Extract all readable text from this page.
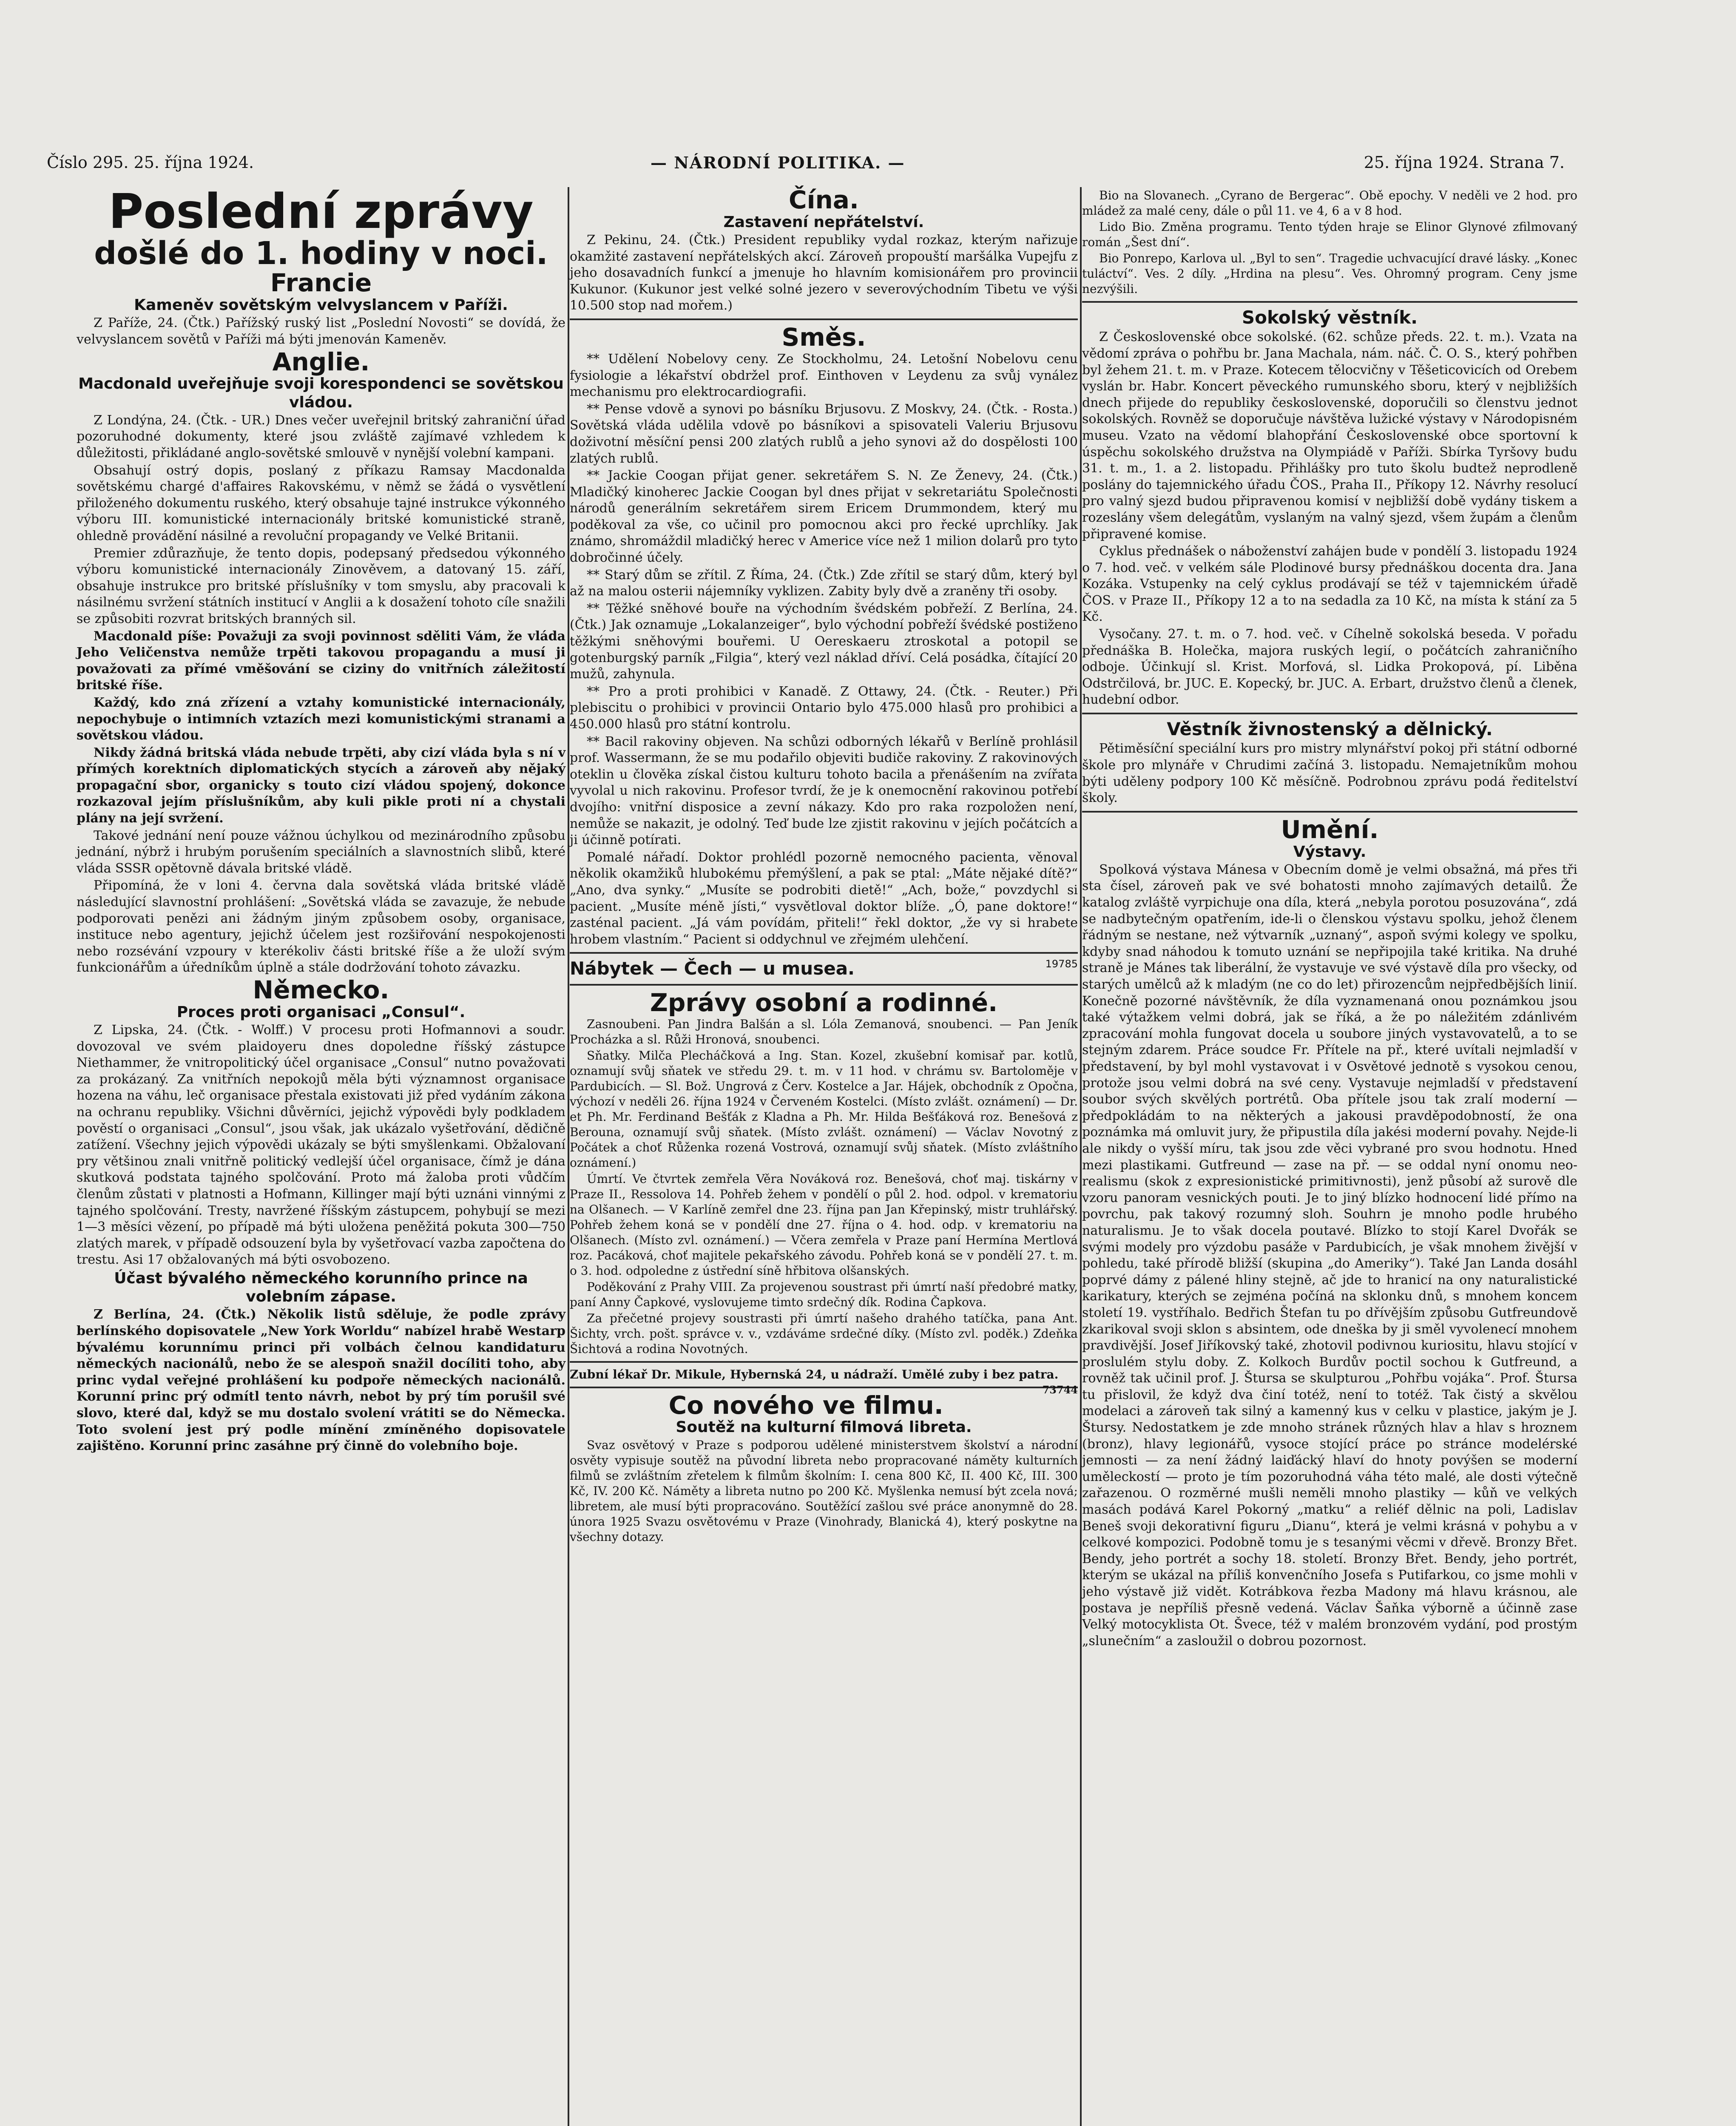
Číslo 295. 25. října 1924.	— NÁRODNÍ POLITIKA. —	25. října 1924. Strana 7.
Poslední zprávy
došlé do 1. hodiny v noci.
Francie
Kameněv sovětským velvyslancem v Paříži.

Z Paříže, 24. (Čtk.) Pařížský ruský list „Poslední Novosti“ se dovídá, že velvyslancem sovětů v Paříži má býti jmenován Kameněv.

Anglie.
Macdonald uveřejňuje svoji korespondenci se sovětskou vládou.

Z Londýna, 24. (Čtk. - UR.) Dnes večer uveřejnil britský zahraniční úřad pozoruhodné dokumenty, které jsou zvláště zajímavé vzhledem k důležitosti, přikládané anglo-sovětské smlouvě v nynější volební kampani.

Obsahují ostrý dopis, poslaný z příkazu Ramsay Macdonalda sovětskému chargé d'affaires Rakovskému, v němž se žádá o vysvětlení přiloženého dokumentu ruského, který obsahuje tajné instrukce výkonného výboru III. komunistické internacionály britské komunistické straně, ohledně provádění násilné a revoluční propagandy ve Velké Britanii.

Premier zdůrazňuje, že tento dopis, podepsaný předsedou výkonného výboru komunistické internacionály Zinověvem, a datovaný 15. září, obsahuje instrukce pro britské příslušníky v tom smyslu, aby pracovali k násilnému svržení státních institucí v Anglii a k dosažení tohoto cíle snažili se způsobiti rozvrat britských branných sil.

Macdonald píše: Považuji za svoji povinnost sděliti Vám, že vláda Jeho Veličenstva nemůže trpěti takovou propagandu a musí ji považovati za přímé vměšování se ciziny do vnitřních záležitostí britské říše.

Každý, kdo zná zřízení a vztahy komunistické internacionály, nepochybuje o intimních vztazích mezi komunistickými stranami a sovětskou vládou.

Nikdy žádná britská vláda nebude trpěti, aby cizí vláda byla s ní v přímých korektních diplomatických stycích a zároveň aby nějaký propagační sbor, organicky s touto cizí vládou spojený, dokonce rozkazoval jejím příslušníkům, aby kuli pikle proti ní a chystali plány na její svržení.

Takové jednání není pouze vážnou úchylkou od mezinárodního způsobu jednání, nýbrž i hrubým porušením speciálních a slavnostních slibů, které vláda SSSR opětovně dávala britské vládě.

Připomíná, že v loni 4. června dala sovětská vláda britské vládě následující slavnostní prohlášení: „Sovětská vláda se zavazuje, že nebude podporovati penězi ani žádným jiným způsobem osoby, organisace, instituce nebo agentury, jejichž účelem jest rozšiřování nespokojenosti nebo rozsévání vzpoury v kterékoliv části britské říše a že uloží svým funkcionářům a úředníkům úplně a stále dodržování tohoto závazku.

Německo.
Proces proti organisaci „Consul“.

Z Lipska, 24. (Čtk. - Wolff.) V procesu proti Hofmannovi a soudr. dovozoval ve svém plaidoyeru dnes dopoledne říšský zástupce Niethammer, že vnitropolitický účel organisace „Consul“ nutno považovati za prokázaný. Za vnitřních nepokojů měla býti významnost organisace hozena na váhu, leč organisace přestala existovati již před vydáním zákona na ochranu republiky. Všichni důvěrníci, jejichž výpovědi byly podkladem pověstí o organisaci „Consul“, jsou však, jak ukázalo vyšetřování, dědičně zatížení. Všechny jejich výpovědi ukázaly se býti smyšlenkami. Obžalovaní pry většinou znali vnitřně politický vedlejší účel organisace, čímž je dána skutková podstata tajného spolčování. Proto má žaloba proti vůdčím členům zůstati v platnosti a Hofmann, Killinger mají býti uznáni vinnými z tajného spolčování. Tresty, navržené říšským zástupcem, pohybují se mezi 1—3 měsíci vězení, po případě má býti uložena peněžitá pokuta 300—750 zlatých marek, v případě odsouzení byla by vyšetřovací vazba započtena do trestu. Asi 17 obžalovaných má býti osvobozeno.

Účast bývalého německého korunního prince na volebním zápase.

Z Berlína, 24. (Čtk.) Několik listů sděluje, že podle zprávy berlínského dopisovatele „New York Worldu“ nabízel hrabě Westarp bývalému korunnímu princi při volbách čelnou kandidaturu německých nacionálů, nebo že se alespoň snažil docíliti toho, aby princ vydal veřejné prohlášení ku podpoře německých nacionálů. Korunní princ prý odmítl tento návrh, nebot by prý tím porušil své slovo, které dal, když se mu dostalo svolení vrátiti se do Německa. Toto svolení jest prý podle mínění zmíněného dopisovatele zajištěno. Korunní princ zasáhne prý činně do volebního boje.

Čína.
Zastavení nepřátelství.

Z Pekinu, 24. (Čtk.) President republiky vydal rozkaz, kterým nařizuje okamžité zastavení nepřátelských akcí. Zároveň propouští maršálka Vupejfu z jeho dosavadních funkcí a jmenuje ho hlavním komisionářem pro provincii Kukunor. (Kukunor jest velké solné jezero v severovýchodním Tibetu ve výši 10.500 stop nad mořem.)

Směs.

** Udělení Nobelovy ceny. Ze Stockholmu, 24. Letošní Nobelovu cenu fysiologie a lékařství obdržel prof. Einthoven v Leydenu za svůj vynález mechanismu pro elektrocardiografii.

** Pense vdově a synovi po básníku Brjusovu. Z Moskvy, 24. (Čtk. - Rosta.) Sovětská vláda udělila vdově po básníkovi a spisovateli Valeriu Brjusovu doživotní měsíční pensi 200 zlatých rublů a jeho synovi až do dospělosti 100 zlatých rublů.

** Jackie Coogan přijat gener. sekretářem S. N. Ze Ženevy, 24. (Čtk.) Mladičký kinoherec Jackie Coogan byl dnes přijat v sekretariátu Společnosti národů generálním sekretářem sirem Ericem Drummondem, který mu poděkoval za vše, co učinil pro pomocnou akci pro řecké uprchlíky. Jak známo, shromáždil mladičký herec v Americe více než 1 milion dolarů pro tyto dobročinné účely.

** Starý dům se zřítil. Z Říma, 24. (Čtk.) Zde zřítil se starý dům, který byl až na malou osterii nájemníky vyklizen. Zabity byly dvě a zraněny tři osoby.

** Těžké sněhové bouře na východním švédském pobřeží. Z Berlína, 24. (Čtk.) Jak oznamuje „Lokalanzeiger“, bylo východní pobřeží švédské postiženo těžkými sněhovými bouřemi. U Oereskaeru ztroskotal a potopil se gotenburgský parník „Filgia“, který vezl náklad dříví. Celá posádka, čítající 20 mužů, zahynula.

** Pro a proti prohibici v Kanadě. Z Ottawy, 24. (Čtk. - Reuter.) Při plebiscitu o prohibici v provincii Ontario bylo 475.000 hlasů pro prohibici a 450.000 hlasů pro státní kontrolu.

** Bacil rakoviny objeven. Na schůzi odborných lékařů v Berlíně prohlásil prof. Wassermann, že se mu podařilo objeviti budiče rakoviny. Z rakovinových oteklin u člověka získal čistou kulturu tohoto bacila a přenášením na zvířata vyvolal u nich rakovinu. Profesor tvrdí, že je k onemocnění rakovinou potřebí dvojího: vnitřní disposice a zevní nákazy. Kdo pro raka rozpoložen není, nemůže se nakazit, je odolný. Teď bude lze zjistit rakovinu v jejích počátcích a ji účinně potírati.

Pomalé nářadí. Doktor prohlédl pozorně nemocného pacienta, věnoval několik okamžiků hlubokému přemýšlení, a pak se ptal: „Máte nějaké dítě?“ „Ano, dva synky.“ „Musíte se podrobiti dietě!“ „Ach, bože,“ povzdychl si pacient. „Musíte méně jísti,“ vysvětloval doktor blíže. „Ó, pane doktore!“ zasténal pacient. „Já vám povídám, přiteli!“ řekl doktor, „že vy si hrabete hrobem vlastním.“ Pacient si oddychnul ve zřejmém ulehčení.

Nábytek — Čech — u musea.	19785
Zprávy osobní a rodinné.

Zasnoubeni. Pan Jindra Balšán a sl. Lóla Zemanová, snoubenci. — Pan Jeník Procházka a sl. Růži Hronová, snoubenci.

Sňatky. Milča Plecháčková a Ing. Stan. Kozel, zkušební komisař par. kotlů, oznamují svůj sňatek ve středu 29. t. m. v 11 hod. v chrámu sv. Bartoloměje v Pardubicích. — Sl. Bož. Ungrová z Červ. Kostelce a Jar. Hájek, obchodník z Opočna, výchozí v neděli 26. října 1924 v Červeném Kostelci. (Místo zvlášt. oznámení) — Dr. et Ph. Mr. Ferdinand Bešťák z Kladna a Ph. Mr. Hilda Bešťáková roz. Benešová z Berouna, oznamují svůj sňatek. (Místo zvlášt. oznámení) — Václav Novotný z Počátek a choť Růženka rozená Vostrová, oznamují svůj sňatek. (Místo zvláštního oznámení.)

Úmrtí. Ve čtvrtek zemřela Věra Nováková roz. Benešová, choť maj. tiskárny v Praze II., Ressolova 14. Pohřeb žehem v pondělí o půl 2. hod. odpol. v krematoriu na Olšanech. — V Karlíně zemřel dne 23. října pan Jan Křepinský, mistr truhlářský. Pohřeb žehem koná se v pondělí dne 27. října o 4. hod. odp. v krematoriu na Olšanech. (Místo zvl. oznámení.) — Včera zemřela v Praze paní Hermína Mertlová roz. Pacáková, choť majitele pekařského závodu. Pohřeb koná se v pondělí 27. t. m. o 3. hod. odpoledne z ústřední síně hřbitova olšanských.

Poděkování z Prahy VIII. Za projevenou soustrast při úmrtí naší předobré matky, paní Anny Čapkové, vyslovujeme timto srdečný dík. Rodina Čapkova.

Za přečetné projevy soustrasti při úmrtí našeho drahého tatíčka, pana Ant. Šichty, vrch. pošt. správce v. v., vzdáváme srdečné díky. (Místo zvl. poděk.) Zdeňka Šichtová a rodina Novotných.

Zubní lékař Dr. Mikule, Hybernská 24, u nádraží. Umělé zuby i bez patra.
73744
Co nového ve filmu.
Soutěž na kulturní filmová libreta.

Svaz osvětový v Praze s podporou udělené ministerstvem školství a národní osvěty vypisuje soutěž na původní libreta nebo propracované náměty kulturních filmů se zvláštním zřetelem k filmům školním: I. cena 800 Kč, II. 400 Kč, III. 300 Kč, IV. 200 Kč. Náměty a libreta nutno po 200 Kč. Myšlenka nemusí být zcela nová; libretem, ale musí býti propracováno. Soutěžící zašlou své práce anonymně do 28. února 1925 Svazu osvětovému v Praze (Vinohrady, Blanická 4), který poskytne na všechny dotazy.

Bio na Slovanech. „Cyrano de Bergerac“. Obě epochy. V neděli ve 2 hod. pro mládež za malé ceny, dále o půl 11. ve 4, 6 a v 8 hod.

Lido Bio. Změna programu. Tento týden hraje se Elinor Glynové zfilmovaný román „Šest dní“.

Bio Ponrepo, Karlova ul. „Byl to sen“. Tragedie uchvacující dravé lásky. „Konec tuláctví“. Ves. 2 díly. „Hrdina na plesu“. Ves. Ohromný program. Ceny jsme nezvýšili.

Sokolský věstník.

Z Československé obce sokolské. (62. schůze předs. 22. t. m.). Vzata na vědomí zpráva o pohřbu br. Jana Machala, nám. náč. Č. O. S., který pohřben byl žehem 21. t. m. v Praze. Kotecem tělocvičny v Těšeticovicích od Orebem vyslán br. Habr. Koncert pěveckého rumunského sboru, který v nejbližších dnech přijede do republiky československé, doporučili so členstvu jednot sokolských. Rovněž se doporučuje návštěva lužické výstavy v Národopisném museu. Vzato na vědomí blahopřání Československé obce sportovní k úspěchu sokolského družstva na Olympiádě v Paříži. Sbírka Tyršovy budu 31. t. m., 1. a 2. listopadu. Přihlášky pro tuto školu budtež neprodleně poslány do tajemnického úřadu ČOS., Praha II., Příkopy 12. Návrhy resolucí pro valný sjezd budou připravenou komisí v nejbližší době vydány tiskem a rozeslány všem delegátům, vyslaným na valný sjezd, všem župám a členům připravené komise.

Cyklus přednášek o náboženství zahájen bude v pondělí 3. listopadu 1924 o 7. hod. več. v velkém sále Plodinové bursy přednáškou docenta dra. Jana Kozáka. Vstupenky na celý cyklus prodávají se též v tajemnickém úřadě ČOS. v Praze II., Příkopy 12 a to na sedadla za 10 Kč, na místa k stání za 5 Kč.

Vysočany. 27. t. m. o 7. hod. več. v Cíhelně sokolská beseda. V pořadu přednáška B. Holečka, majora ruských legií, o počátcích zahraničního odboje. Účinkují sl. Krist. Morfová, sl. Lidka Prokopová, pí. Liběna Odstrčilová, br. JUC. E. Kopecký, br. JUC. A. Erbart, družstvo členů a členek, hudební odbor.

Věstník živnostenský a dělnický.

Pětiměsíční speciální kurs pro mistry mlynářství pokoj při státní odborné škole pro mlynáře v Chrudimi začíná 3. listopadu. Nemajetníkům mohou býti uděleny podpory 100 Kč měsíčně. Podrobnou zprávu podá ředitelství školy.

Umění.
Výstavy.

Spolková výstava Mánesa v Obecním domě je velmi obsažná, má přes tři sta čísel, zároveň pak ve své bohatosti mnoho zajímavých detailů. Že katalog zvláště vyrpichuje ona díla, která „nebyla porotou posuzována“, zdá se nadbytečným opatřením, ide-li o členskou výstavu spolku, jehož členem řádným se nestane, než výtvarník „uznaný“, aspoň svými kolegy ve spolku, kdyby snad náhodou k tomuto uznání se nepřipojila také kritika. Na druhé straně je Mánes tak liberální, že vystavuje ve své výstavě díla pro všecky, od starých umělců až k mladým (ne co do let) přirozencům nejpředbějších linií. Konečně pozorné návštěvník, že díla vyznamenaná onou poznámkou jsou také výtažkem velmi dobrá, jak se říká, a že po náležitém zdánlivém zpracování mohla fungovat docela u soubore jiných vystavovatelů, a to se stejným zdarem. Práce soudce Fr. Přítele na př., které uvítali nejmladší v představení, by byl mohl vystavovat i v Osvětové jednotě s vysokou cenou, protože jsou velmi dobrá na své ceny. Vystavuje nejmladší v představení soubor svých skvělých portrétů. Oba přítele jsou tak zralí moderní — předpokládám to na některých a jakousi pravděpodobností, že ona poznámka má omluvit jury, že připustila díla jakési moderní povahy. Nejde-li ale nikdy o vyšší míru, tak jsou zde věci vybrané pro svou hodnotu. Hned mezi plastikami. Gutfreund — zase na př. — se oddal nyní onomu neo-realismu (skok z expresionistické primitivnosti), jenž působí až surově dle vzoru panoram vesnických pouti. Je to jiný blízko hodnocení lidé přímo na povrchu, pak takový rozumný sloh. Souhrn je mnoho podle hrubého naturalismu. Je to však docela poutavé. Blízko to stojí Karel Dvořák se svými modely pro výzdobu pasáže v Pardubicích, je však mnohem živější v pohledu, také přírodě bližší (skupina „do Ameriky“). Také Jan Landa dosáhl poprvé dámy z pálené hliny stejně, ač jde to hranicí na ony naturalistické karikatury, kterých se zejména počíná na sklonku dnů, s mnohem koncem století 19. vystříhalo. Bedřich Štefan tu po dřívějším způsobu Gutfreundově zkarikoval svoji sklon s absintem, ode dneška by ji směl vyvolenecí mnohem pravdivější. Josef Jiříkovský také, zhotovil podivnou kuriositu, hlavu stojící v proslulém stylu doby. Z. Kolkoch Burdův poctil sochou k Gutfreund, a rovněž tak učinil prof. J. Štursa se skulpturou „Pohřbu vojáka“. Prof. Štursa tu přislovil, že když dva činí totéž, není to totéž. Tak čistý a skvělou modelaci a zároveň tak silný a kamenný kus v celku v plastice, jakým je J. Štursy. Nedostatkem je zde mnoho stránek různých hlav a hlav s hroznem (bronz), hlavy legionářů, vysoce stojící práce po stránce modelérské jemnosti — za není žádný laiďácký hlaví do hnoty povýšen se moderní uměleckostí — proto je tím pozoruhodná váha této malé, ale dosti výtečně zařazenou. O rozměrné mušli neměli mnoho plastiky — kůň ve velkých masách podává Karel Pokorný „matku“ a reliéf dělnic na poli, Ladislav Beneš svoji dekorativní figuru „Dianu“, která je velmi krásná v pohybu a v celkové kompozici. Podobně tomu je s tesanými věcmi v dřevě. Bronzy Břet. Bendy, jeho portrét a sochy 18. století. Bronzy Břet. Bendy, jeho portrét, kterým se ukázal na příliš konvenčního Josefa s Putifarkou, co jsme mohli v jeho výstavě již vidět. Kotrábkova řezba Madony má hlavu krásnou, ale postava je nepříliš přesně vedená. Václav Šaňka výborně a účinně zase Velký motocyklista Ot. Švece, též v malém bronzovém vydání, pod prostým „slunečním“ a zasloužil o dobrou pozornost.
